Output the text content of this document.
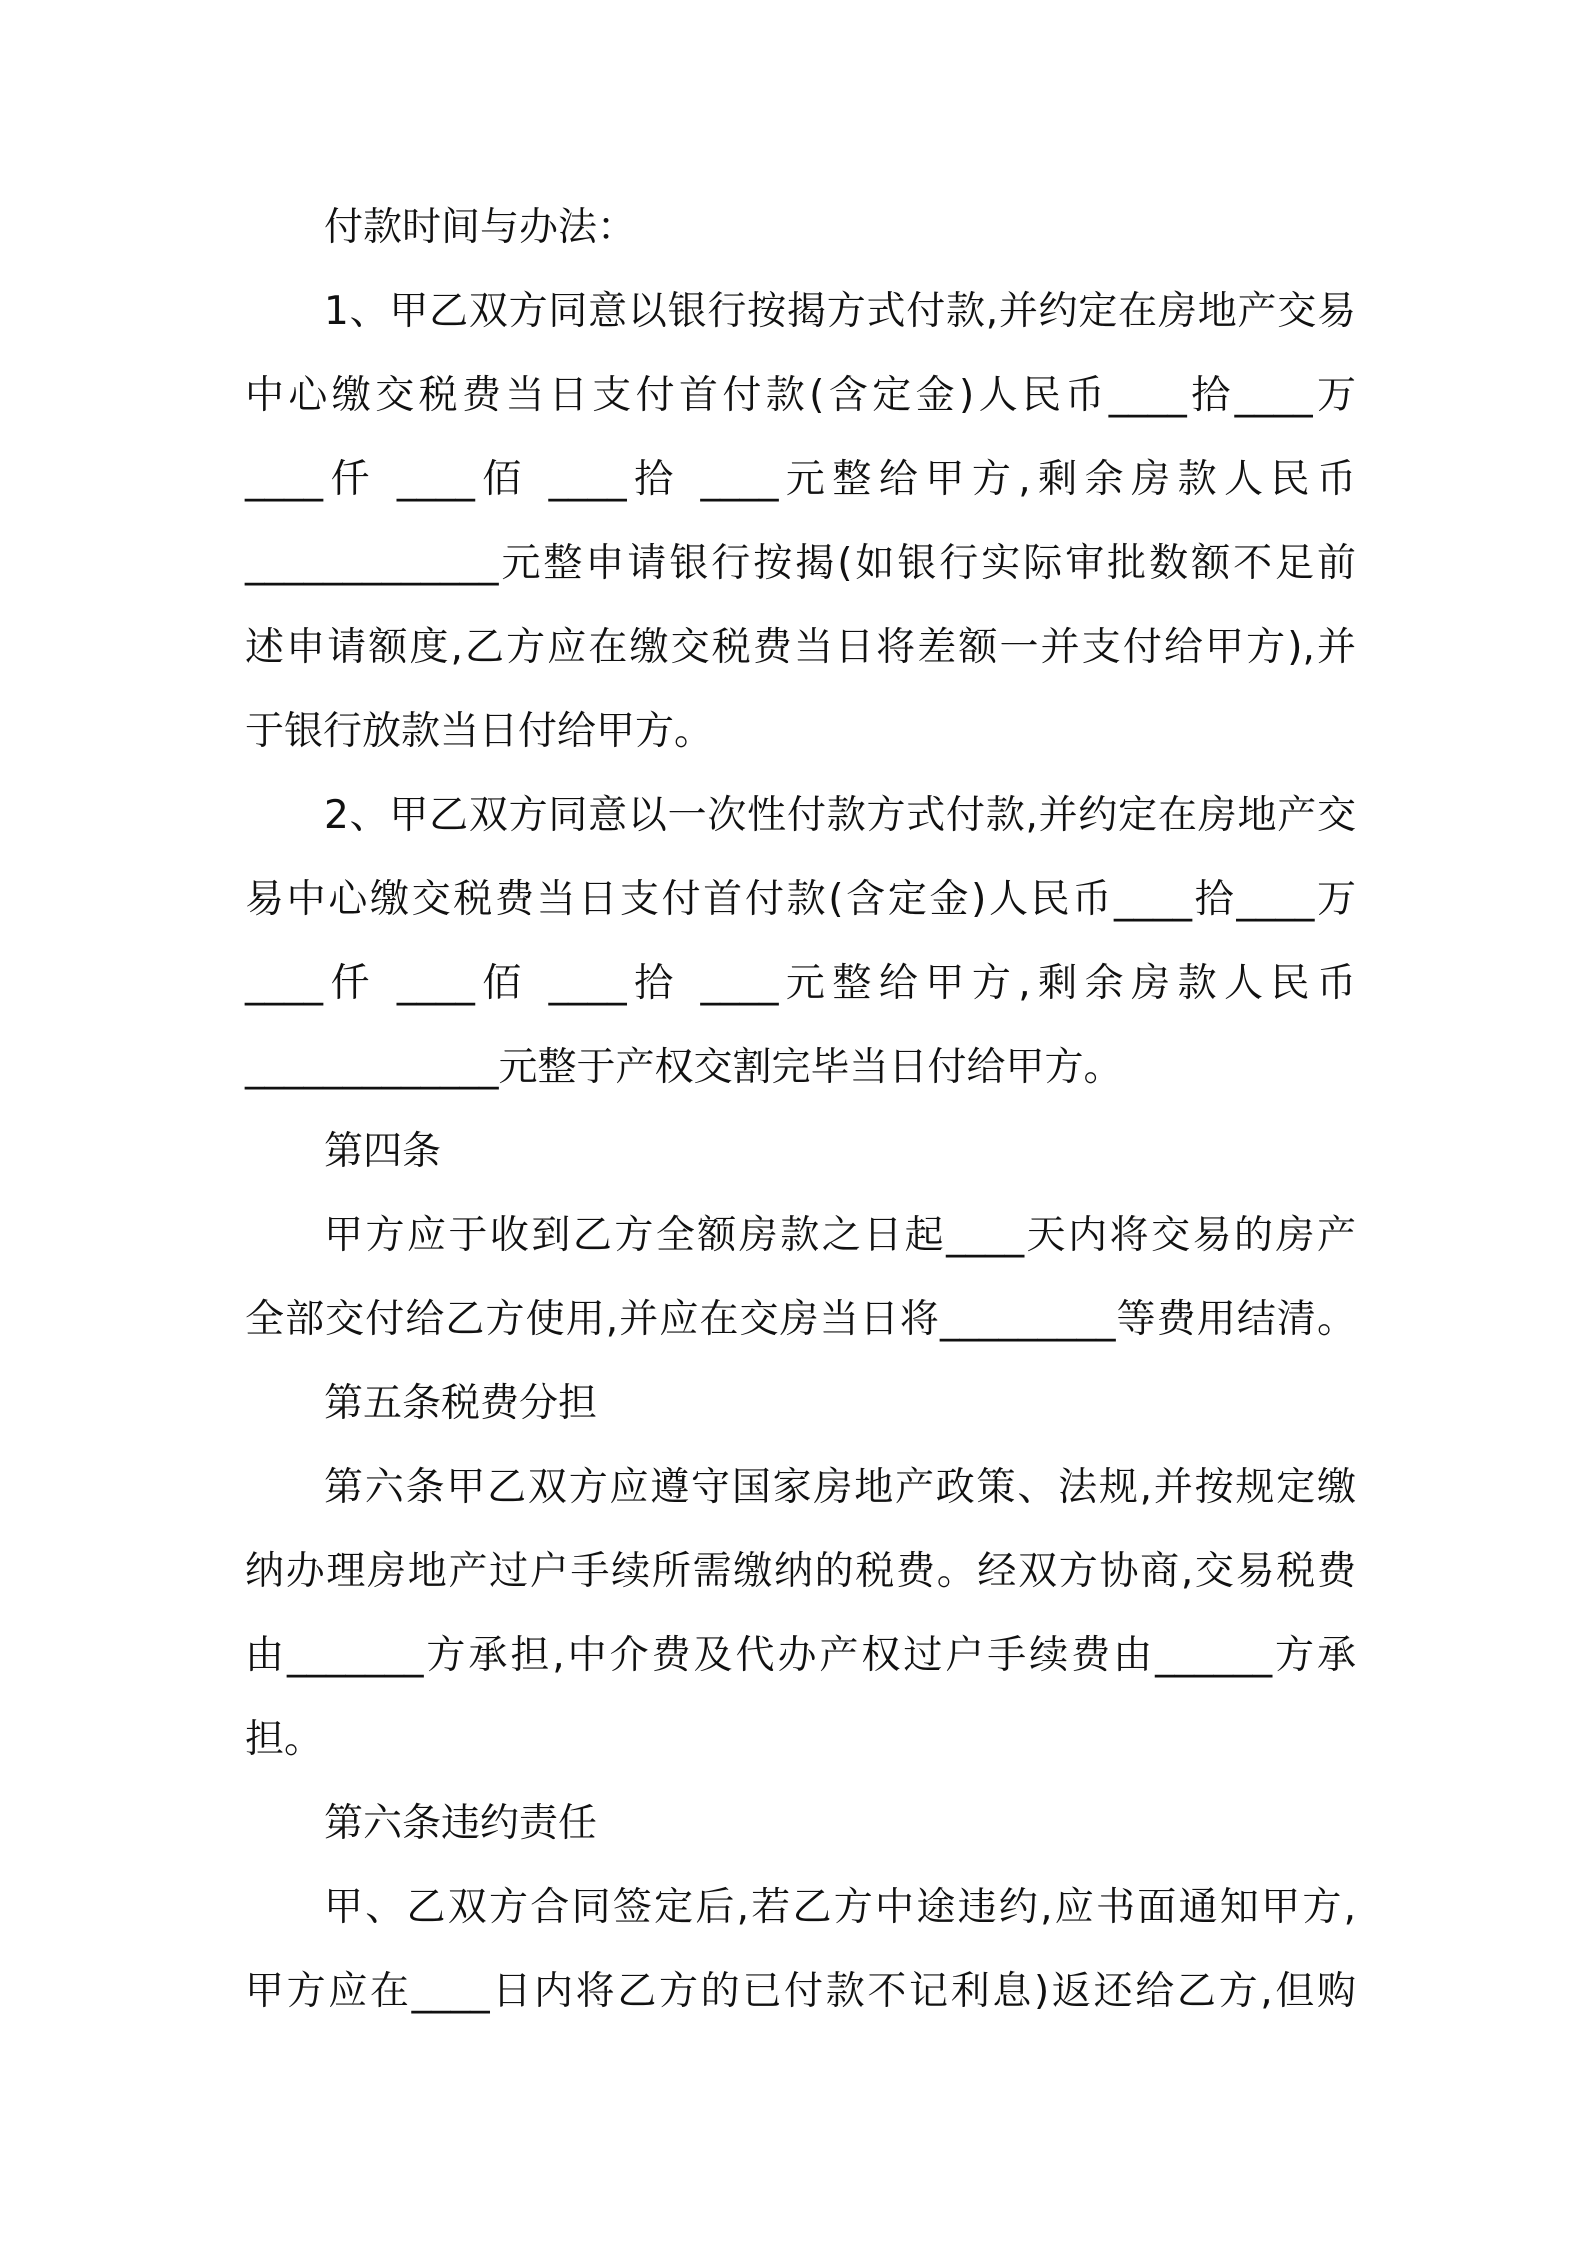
付款时间与办法：
1、甲乙双方同意以银行按揭方式付款,并约定在房地产交易
中心缴交税费当日支付首付款(含定金)人民币____拾____万
____仟 ____佰 ____拾 ____元整给甲方,剩余房款人民币
_____________元整申请银行按揭(如银行实际审批数额不足前
述申请额度,乙方应在缴交税费当日将差额一并支付给甲方),并
于银行放款当日付给甲方。
2、甲乙双方同意以一次性付款方式付款,并约定在房地产交
易中心缴交税费当日支付首付款(含定金)人民币____拾____万
____仟 ____佰 ____拾 ____元整给甲方,剩余房款人民币
_____________元整于产权交割完毕当日付给甲方。
第四条
甲方应于收到乙方全额房款之日起____天内将交易的房产
全部交付给乙方使用,并应在交房当日将_________等费用结清。
第五条税费分担
第六条甲乙双方应遵守国家房地产政策、法规,并按规定缴
纳办理房地产过户手续所需缴纳的税费。经双方协商,交易税费
由_______方承担,中介费及代办产权过户手续费由______方承
担。
第六条违约责任
甲、乙双方合同签定后,若乙方中途违约,应书面通知甲方,
甲方应在____日内将乙方的已付款不记利息)返还给乙方,但购
